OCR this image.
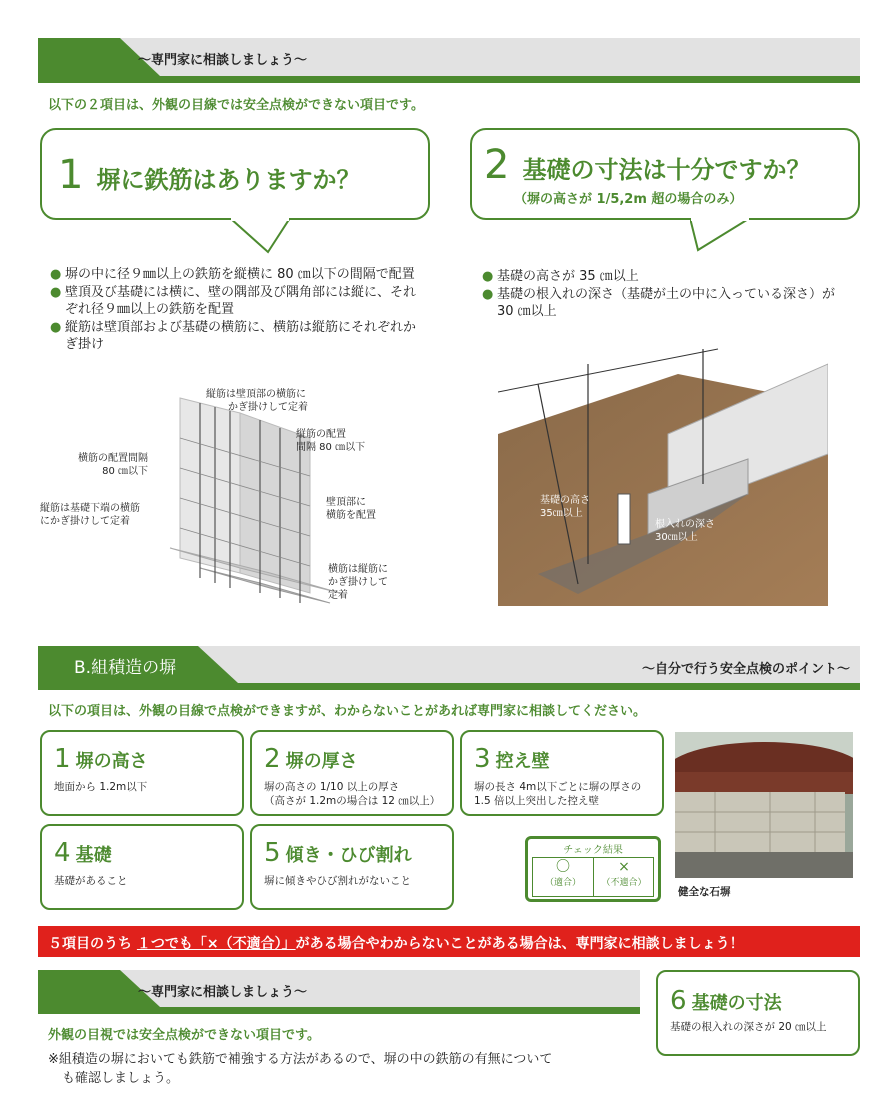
～専門家に相談しましょう～
以下の２項目は、外観の目線では安全点検ができない項目です。
1 塀に鉄筋はありますか？
● 塀の中に径９㎜以上の鉄筋を縦横に 80 ㎝以下の間隔で配置
● 壁頂及び基礎には横に、壁の隅部及び隅角部には縦に、それぞれ径９㎜以上の鉄筋を配置
● 縦筋は壁頂部および基礎の横筋に、横筋は縦筋にそれぞれかぎ掛け
縦筋は壁頂部の横筋に
かぎ掛けして定着
縦筋の配置
間隔 80 ㎝以下
横筋の配置間隔
80 ㎝以下
壁頂部に
横筋を配置
縦筋は基礎下端の横筋
にかぎ掛けして定着
横筋は縦筋に
かぎ掛けして
定着
2 基礎の寸法は十分ですか？
（塀の高さが 1/5,2m 超の場合のみ）
● 基礎の高さが 35 ㎝以上
● 基礎の根入れの深さ（基礎が土の中に入っている深さ）が 30 ㎝以上
基礎の高さ
35㎝以上
根入れの深さ
30㎝以上
B.組積造の塀	～自分で行う安全点検のポイント～
以下の項目は、外観の目線で点検ができますが、わからないことがあれば専門家に相談してください。
1 塀の高さ
地面から 1.2m以下
2 塀の厚さ
塀の高さの 1/10 以上の厚さ
（高さが 1.2mの場合は 12 ㎝以上）
3 控え壁
塀の長さ 4m以下ごとに塀の厚さの
1.5 倍以上突出した控え壁
4 基礎
基礎があること
5 傾き・ひび割れ
塀に傾きやひび割れがないこと
チェック結果
〇
（適合）
×
（不適合）
健全な石塀
５項目のうち １つでも「×（不適合）」がある場合やわからないことがある場合は、専門家に相談しましょう！
～専門家に相談しましょう～
外観の目視では安全点検ができない項目です。
※組積造の塀においても鉄筋で補強する方法があるので、塀の中の鉄筋の有無について
も確認しましょう。
6 基礎の寸法
基礎の根入れの深さが 20 ㎝以上
